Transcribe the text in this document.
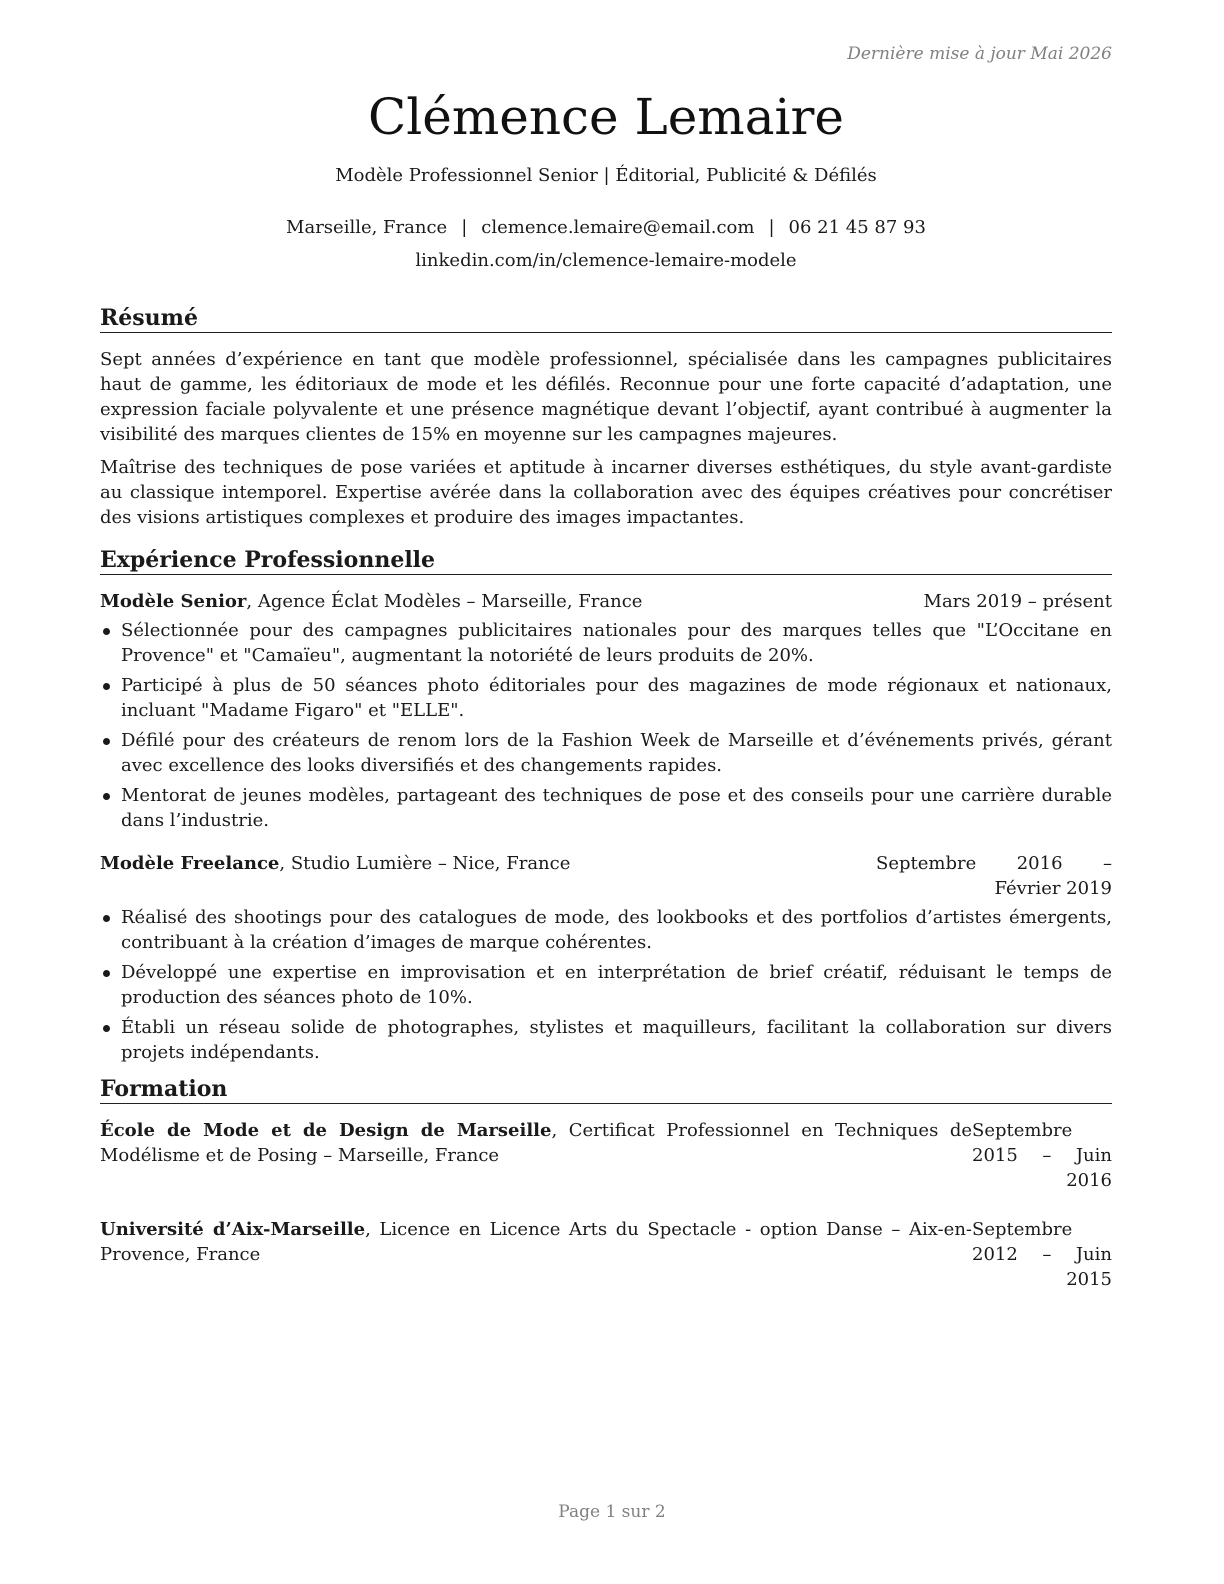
Dernière mise à jour Mai 2026
Clémence Lemaire
Modèle Professionnel Senior | Éditorial, Publicité & Défilés
Marseille, France | clemence.lemaire@email.com | 06 21 45 87 93
linkedin.com/in/clemence-lemaire-modele
Résumé

Sept années d’expérience en tant que modèle professionnel, spécialisée dans les campagnes publicitaires haut de gamme, les éditoriaux de mode et les défilés. Reconnue pour une forte capacité d’adaptation, une expression faciale polyvalente et une présence magnétique devant l’objectif, ayant contribué à augmenter la visibilité des marques clientes de 15% en moyenne sur les campagnes majeures.

Maîtrise des techniques de pose variées et aptitude à incarner diverses esthétiques, du style avant-gardiste au classique intemporel. Expertise avérée dans la collaboration avec des équipes créatives pour concrétiser des visions artistiques complexes et produire des images impactantes.

Expérience Professionnelle
Modèle Senior, Agence Éclat Modèles – Marseille, France	Mars 2019 – présent
Sélectionnée pour des campagnes publicitaires nationales pour des marques telles que "L’Occitane en Provence" et "Camaïeu", augmentant la notoriété de leurs produits de 20%.
Participé à plus de 50 séances photo éditoriales pour des magazines de mode régionaux et nationaux, incluant "Madame Figaro" et "ELLE".
Défilé pour des créateurs de renom lors de la Fashion Week de Marseille et d’événements privés, gérant avec excellence des looks diversifiés et des changements rapides.
Mentorat de jeunes modèles, partageant des techniques de pose et des conseils pour une carrière durable dans l’industrie.
Modèle Freelance, Studio Lumière – Nice, France	Septembre 2016 – Février 2019
Réalisé des shootings pour des catalogues de mode, des lookbooks et des portfolios d’artistes émergents, contribuant à la création d’images de marque cohérentes.
Développé une expertise en improvisation et en interprétation de brief créatif, réduisant le temps de production des séances photo de 10%.
Établi un réseau solide de photographes, stylistes et maquilleurs, facilitant la collaboration sur divers projets indépendants.
Formation
École de Mode et de Design de Marseille, Certificat Professionnel en Techniques de Modélisme et de Posing – Marseille, France
Septembre 2015 – Juin 2016
Université d’Aix-Marseille, Licence en Licence Arts du Spectacle - option Danse – Aix-en-Provence, France
Septembre 2012 – Juin 2015
Page 1 sur 2
